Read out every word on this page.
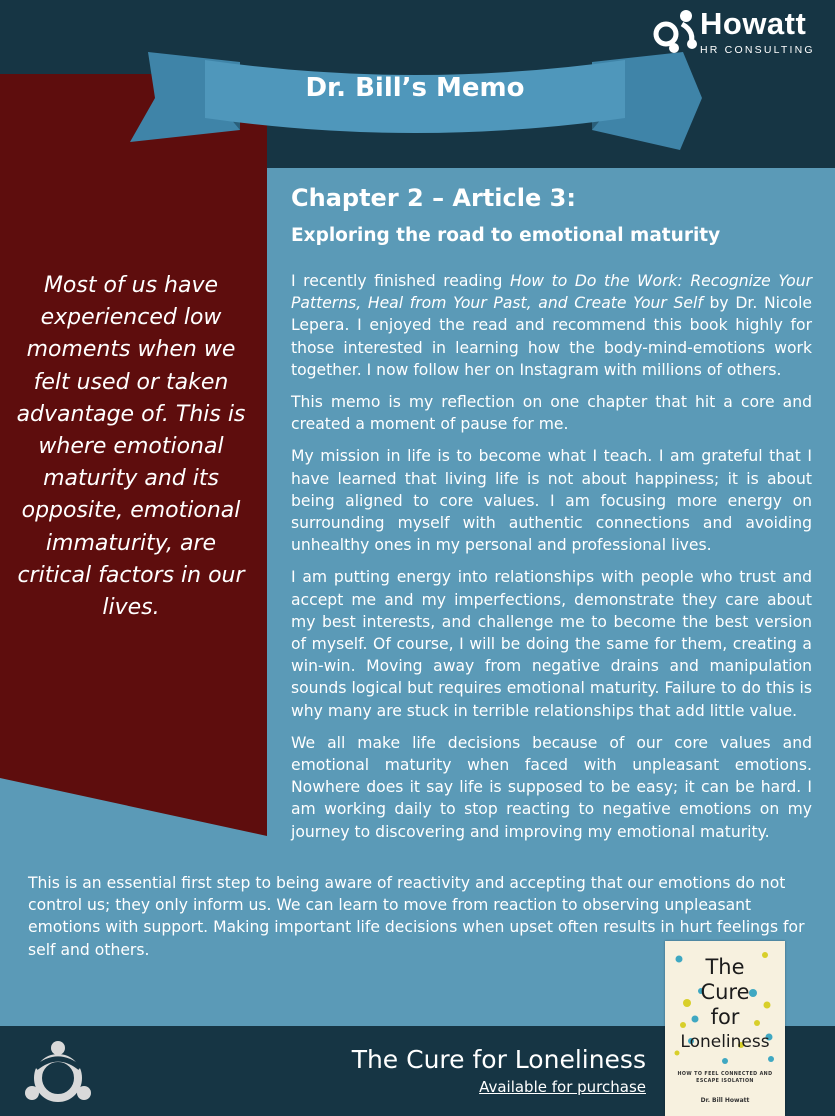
Dr. Bill’s Memo
Howatt
HR CONSULTING
Most of us have experienced low moments when we felt used or taken advantage of. This is where emotional maturity and its opposite, emotional immaturity, are critical factors in our lives.
Chapter 2 – Article 3:
Exploring the road to emotional maturity

I recently finished reading How to Do the Work: Recognize Your Patterns, Heal from Your Past, and Create Your Self by Dr. Nicole Lepera. I enjoyed the read and recommend this book highly for those interested in learning how the body-mind-emotions work together. I now follow her on Instagram with millions of others.

This memo is my reflection on one chapter that hit a core and created a moment of pause for me.

My mission in life is to become what I teach. I am grateful that I have learned that living life is not about happiness; it is about being aligned to core values. I am focusing more energy on surrounding myself with authentic connections and avoiding unhealthy ones in my personal and professional lives.

I am putting energy into relationships with people who trust and accept me and my imperfections, demonstrate they care about my best interests, and challenge me to become the best version of myself. Of course, I will be doing the same for them, creating a win-win. Moving away from negative drains and manipulation sounds logical but requires emotional maturity. Failure to do this is why many are stuck in terrible relationships that add little value.

We all make life decisions because of our core values and emotional maturity when faced with unpleasant emotions. Nowhere does it say life is supposed to be easy; it can be hard. I am working daily to stop reacting to negative emotions on my journey to discovering and improving my emotional maturity.

This is an essential first step to being aware of reactivity and accepting that our emotions do not control us; they only inform us. We can learn to move from reaction to observing unpleasant emotions with support. Making important life decisions when upset often results in hurt feelings for self and others.
The Cure for Loneliness
Available for purchase
The
Cure
for
Loneliness
HOW TO FEEL CONNECTED AND ESCAPE ISOLATION
Dr. Bill Howatt
